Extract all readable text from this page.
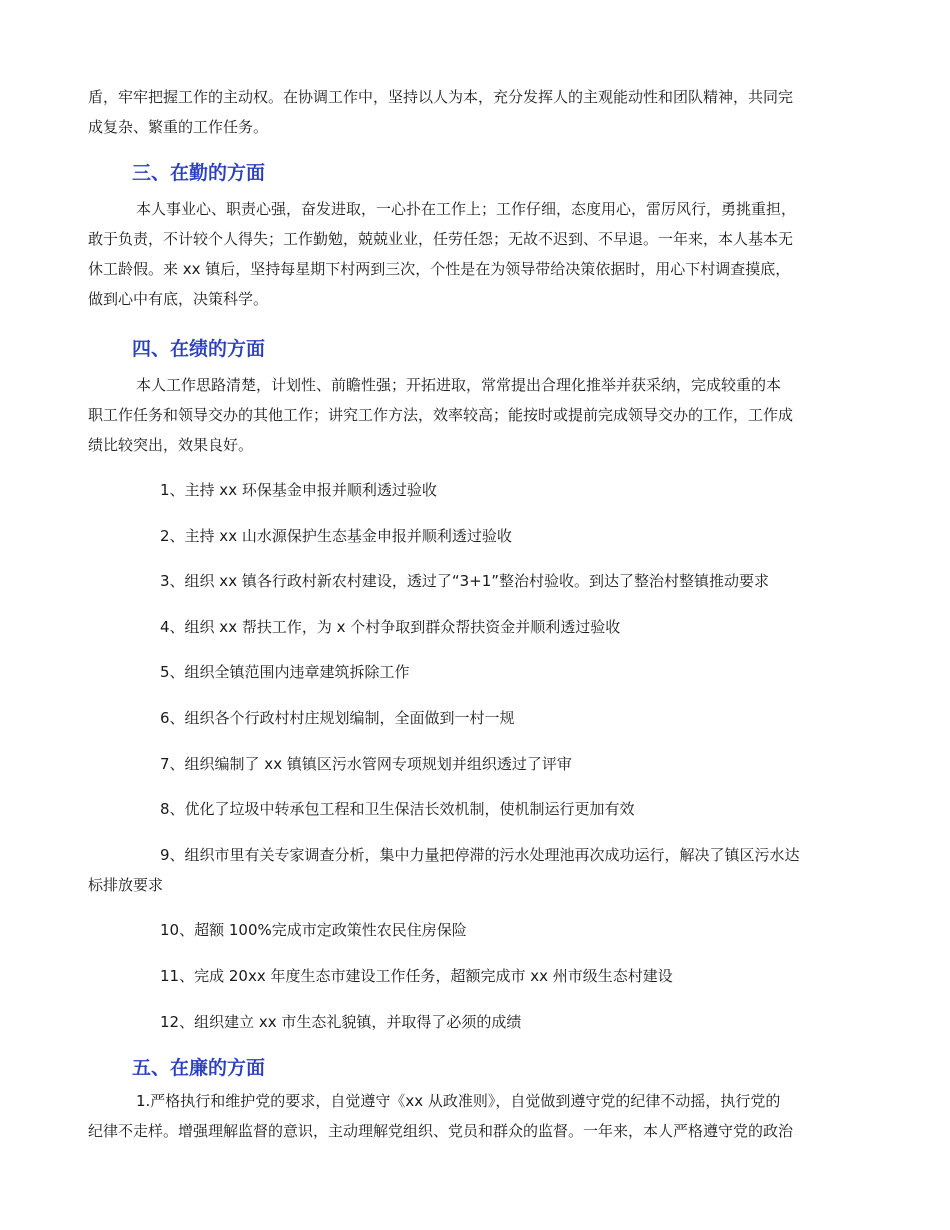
盾，牢牢把握工作的主动权。在协调工作中，坚持以人为本，充分发挥人的主观能动性和团队精神，共同完
成复杂、繁重的工作任务。

三、在勤的方面

本人事业心、职责心强，奋发进取，一心扑在工作上；工作仔细，态度用心，雷厉风行，勇挑重担，
敢于负责，不计较个人得失；工作勤勉，兢兢业业，任劳任怨；无故不迟到、不早退。一年来，本人基本无
休工龄假。来 xx 镇后，坚持每星期下村两到三次，个性是在为领导带给决策依据时，用心下村调查摸底，
做到心中有底，决策科学。

四、在绩的方面

本人工作思路清楚，计划性、前瞻性强；开拓进取，常常提出合理化推举并获采纳，完成较重的本
职工作任务和领导交办的其他工作；讲究工作方法，效率较高；能按时或提前完成领导交办的工作，工作成
绩比较突出，效果良好。

1、主持 xx 环保基金申报并顺利透过验收

2、主持 xx 山水源保护生态基金申报并顺利透过验收

3、组织 xx 镇各行政村新农村建设，透过了“3+1”整治村验收。到达了整治村整镇推动要求

4、组织 xx 帮扶工作，为 x 个村争取到群众帮扶资金并顺利透过验收

5、组织全镇范围内违章建筑拆除工作

6、组织各个行政村村庄规划编制，全面做到一村一规

7、组织编制了 xx 镇镇区污水管网专项规划并组织透过了评审

8、优化了垃圾中转承包工程和卫生保洁长效机制，使机制运行更加有效

9、组织市里有关专家调查分析，集中力量把停滞的污水处理池再次成功运行，解决了镇区污水达
标排放要求

10、超额 100%完成市定政策性农民住房保险

11、完成 20xx 年度生态市建设工作任务，超额完成市 xx 州市级生态村建设

12、组织建立 xx 市生态礼貌镇，并取得了必须的成绩

五、在廉的方面

1.严格执行和维护党的要求，自觉遵守《xx 从政准则》，自觉做到遵守党的纪律不动摇，执行党的
纪律不走样。增强理解监督的意识，主动理解党组织、党员和群众的监督。一年来，本人严格遵守党的政治
